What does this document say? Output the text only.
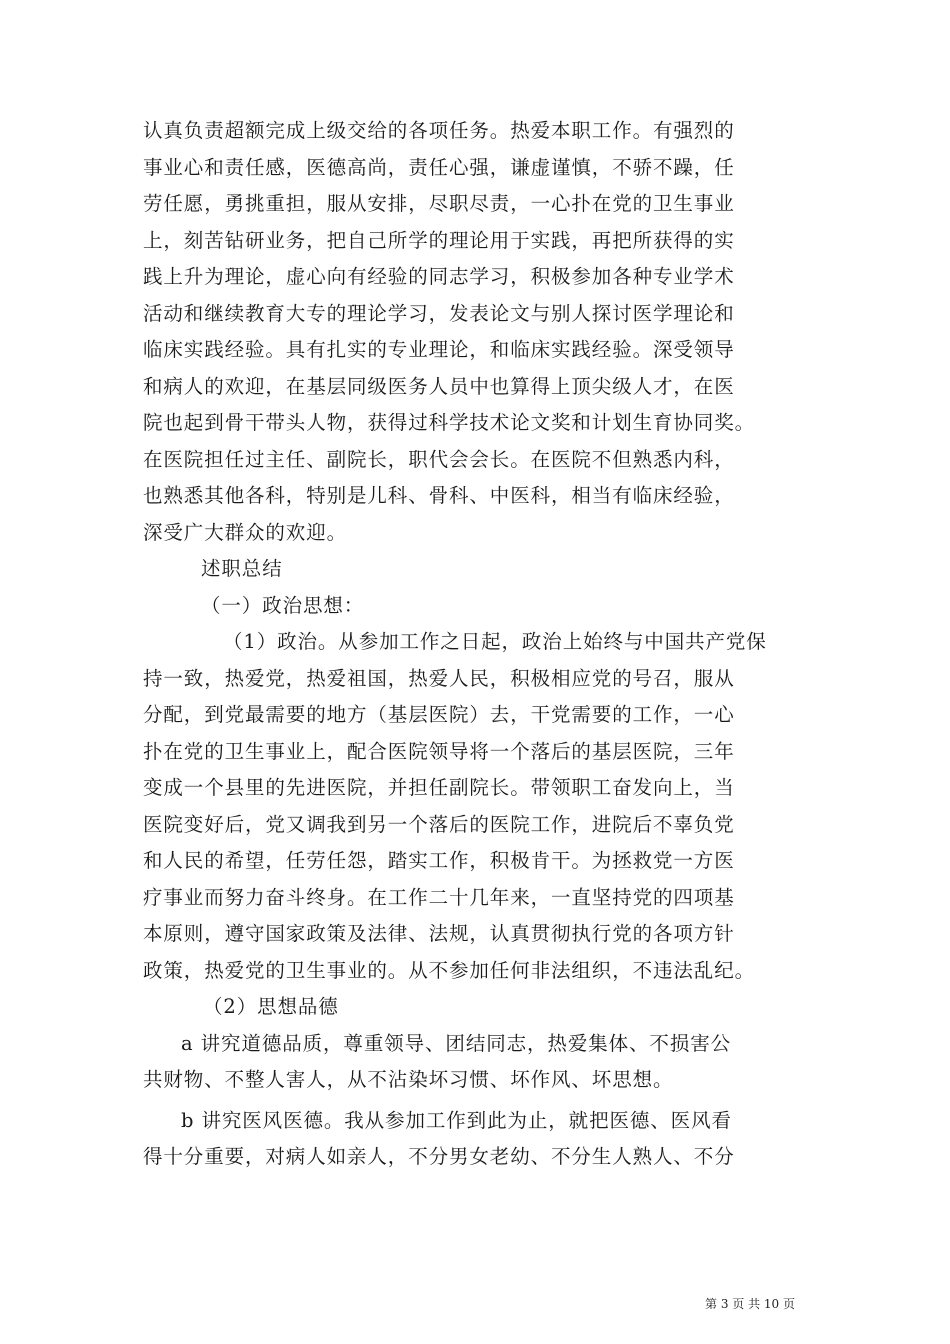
认真负责超额完成上级交给的各项任务。热爱本职工作。有强烈的
事业心和责任感，医德高尚，责任心强，谦虚谨慎，不骄不躁，任
劳任愿，勇挑重担，服从安排，尽职尽责，一心扑在党的卫生事业
上，刻苦钻研业务，把自己所学的理论用于实践，再把所获得的实
践上升为理论，虚心向有经验的同志学习，积极参加各种专业学术
活动和继续教育大专的理论学习，发表论文与别人探讨医学理论和
临床实践经验。具有扎实的专业理论，和临床实践经验。深受领导
和病人的欢迎，在基层同级医务人员中也算得上顶尖级人才，在医
院也起到骨干带头人物，获得过科学技术论文奖和计划生育协同奖。
在医院担任过主任、副院长，职代会会长。在医院不但熟悉内科，
也熟悉其他各科，特别是儿科、骨科、中医科，相当有临床经验，
深受广大群众的欢迎。
述职总结
（一）政治思想：
（1）政治。从参加工作之日起，政治上始终与中国共产党保
持一致，热爱党，热爱祖国，热爱人民，积极相应党的号召，服从
分配，到党最需要的地方（基层医院）去，干党需要的工作，一心
扑在党的卫生事业上，配合医院领导将一个落后的基层医院，三年
变成一个县里的先进医院，并担任副院长。带领职工奋发向上，当
医院变好后，党又调我到另一个落后的医院工作，进院后不辜负党
和人民的希望，任劳任怨，踏实工作，积极肯干。为拯救党一方医
疗事业而努力奋斗终身。在工作二十几年来，一直坚持党的四项基
本原则，遵守国家政策及法律、法规，认真贯彻执行党的各项方针
政策，热爱党的卫生事业的。从不参加任何非法组织，不违法乱纪。
（2）思想品德
a 讲究道德品质，尊重领导、团结同志，热爱集体、不损害公
共财物、不整人害人，从不沾染坏习惯、坏作风、坏思想。
b 讲究医风医德。我从参加工作到此为止，就把医德、医风看
得十分重要，对病人如亲人，不分男女老幼、不分生人熟人、不分
第 3 页 共 10 页
